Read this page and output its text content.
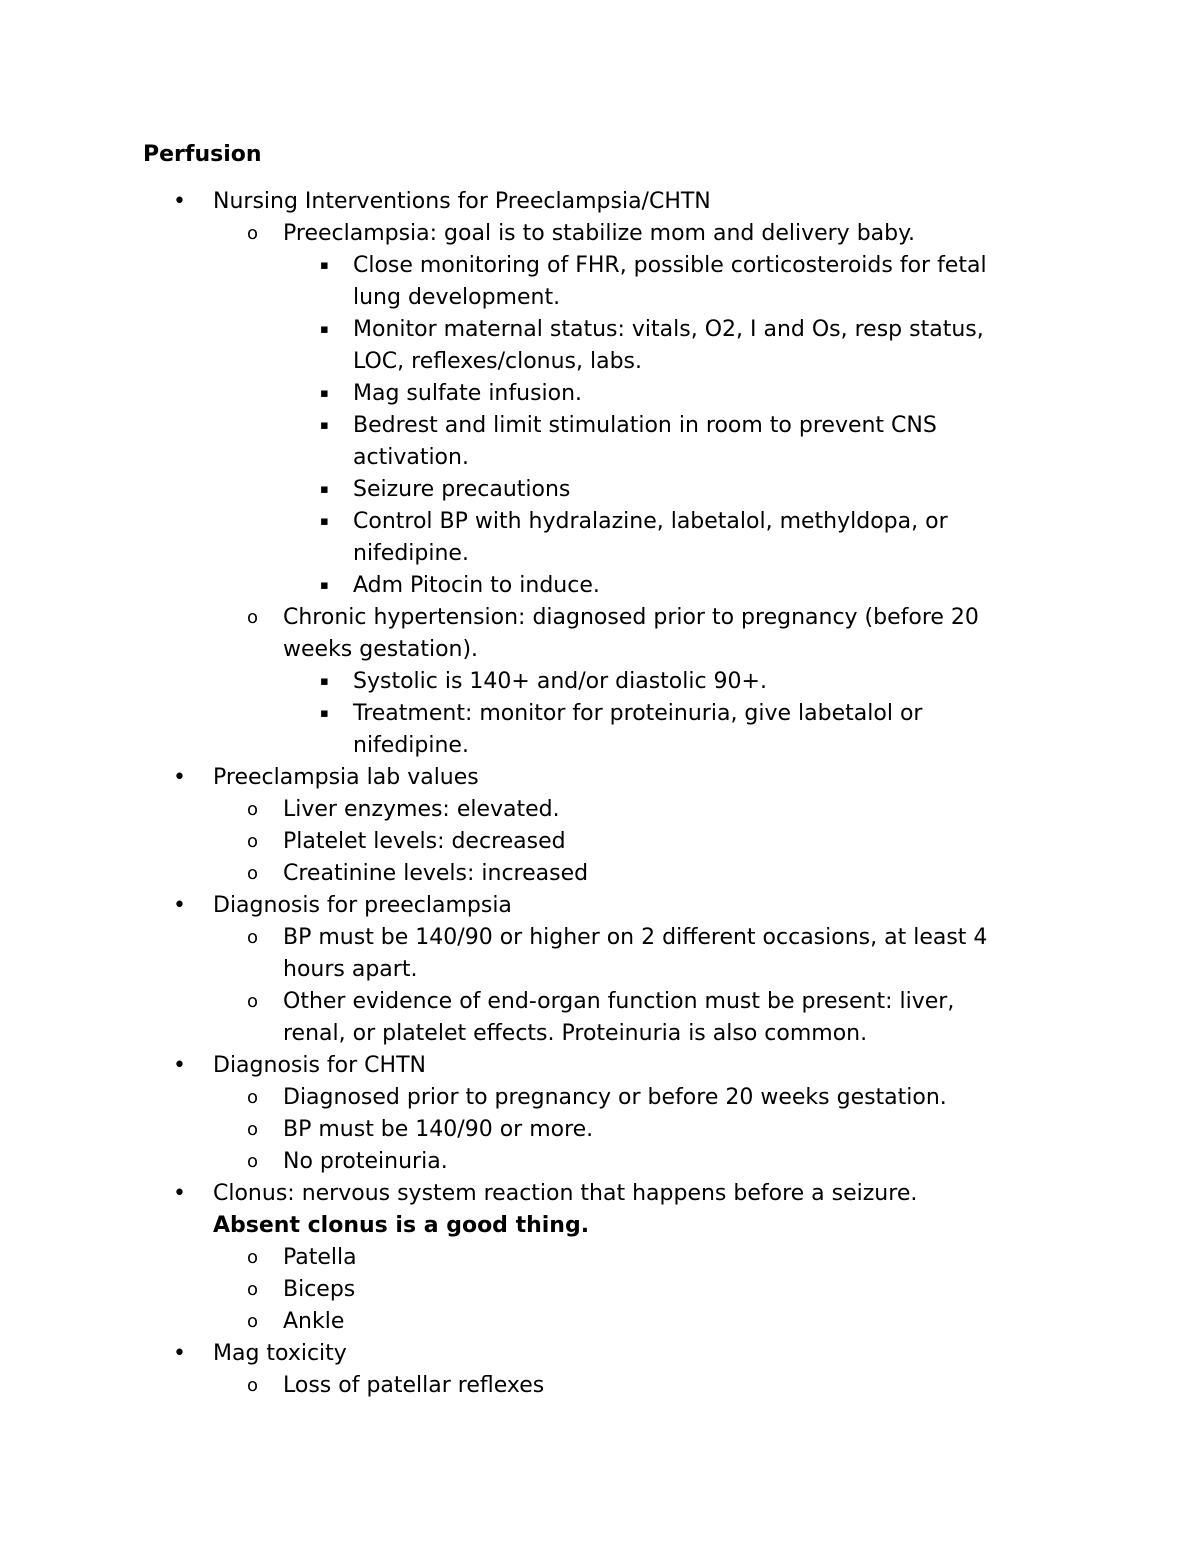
Perfusion
• Nursing Interventions for Preeclampsia/CHTN
o Preeclampsia: goal is to stabilize mom and delivery baby.
▪ Close monitoring of FHR, possible corticosteroids for fetal
lung development.
▪ Monitor maternal status: vitals, O2, I and Os, resp status,
LOC, reflexes/clonus, labs.
▪ Mag sulfate infusion.
▪ Bedrest and limit stimulation in room to prevent CNS
activation.
▪ Seizure precautions
▪ Control BP with hydralazine, labetalol, methyldopa, or
nifedipine.
▪ Adm Pitocin to induce.
o Chronic hypertension: diagnosed prior to pregnancy (before 20
weeks gestation).
▪ Systolic is 140+ and/or diastolic 90+.
▪ Treatment: monitor for proteinuria, give labetalol or
nifedipine.
• Preeclampsia lab values
o Liver enzymes: elevated.
o Platelet levels: decreased
o Creatinine levels: increased
• Diagnosis for preeclampsia
o BP must be 140/90 or higher on 2 different occasions, at least 4
hours apart.
o Other evidence of end-organ function must be present: liver,
renal, or platelet effects. Proteinuria is also common.
• Diagnosis for CHTN
o Diagnosed prior to pregnancy or before 20 weeks gestation.
o BP must be 140/90 or more.
o No proteinuria.
• Clonus: nervous system reaction that happens before a seizure.
Absent clonus is a good thing.
o Patella
o Biceps
o Ankle
• Mag toxicity
o Loss of patellar reflexes
